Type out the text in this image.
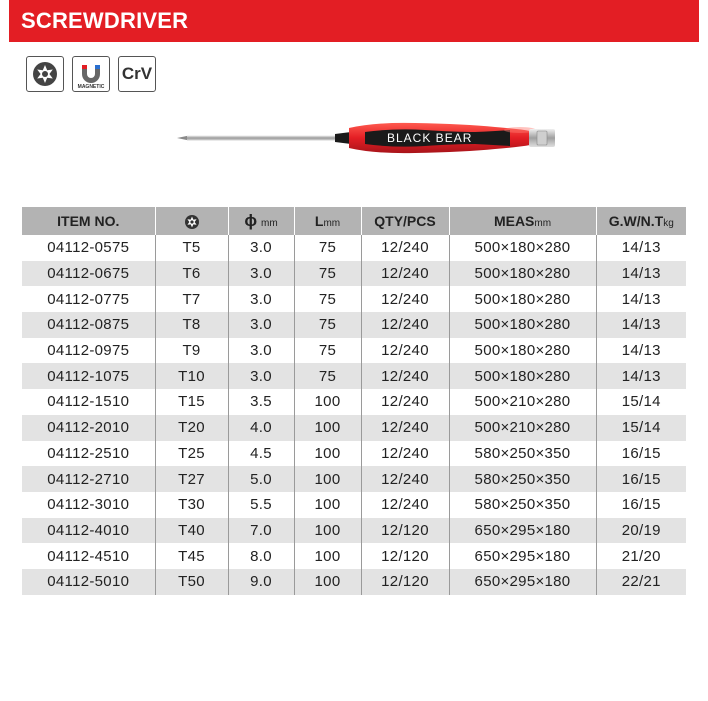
SCREWDRIVER
MAGNETIC
CrV
BLACK BEAR
ITEM NO.		ϕ mm	Lmm	QTY/PCS	MEASmm	G.W/N.Tkg
04112-0575	T5	3.0	75	12/240	500×180×280	14/13
04112-0675	T6	3.0	75	12/240	500×180×280	14/13
04112-0775	T7	3.0	75	12/240	500×180×280	14/13
04112-0875	T8	3.0	75	12/240	500×180×280	14/13
04112-0975	T9	3.0	75	12/240	500×180×280	14/13
04112-1075	T10	3.0	75	12/240	500×180×280	14/13
04112-1510	T15	3.5	100	12/240	500×210×280	15/14
04112-2010	T20	4.0	100	12/240	500×210×280	15/14
04112-2510	T25	4.5	100	12/240	580×250×350	16/15
04112-2710	T27	5.0	100	12/240	580×250×350	16/15
04112-3010	T30	5.5	100	12/240	580×250×350	16/15
04112-4010	T40	7.0	100	12/120	650×295×180	20/19
04112-4510	T45	8.0	100	12/120	650×295×180	21/20
04112-5010	T50	9.0	100	12/120	650×295×180	22/21
